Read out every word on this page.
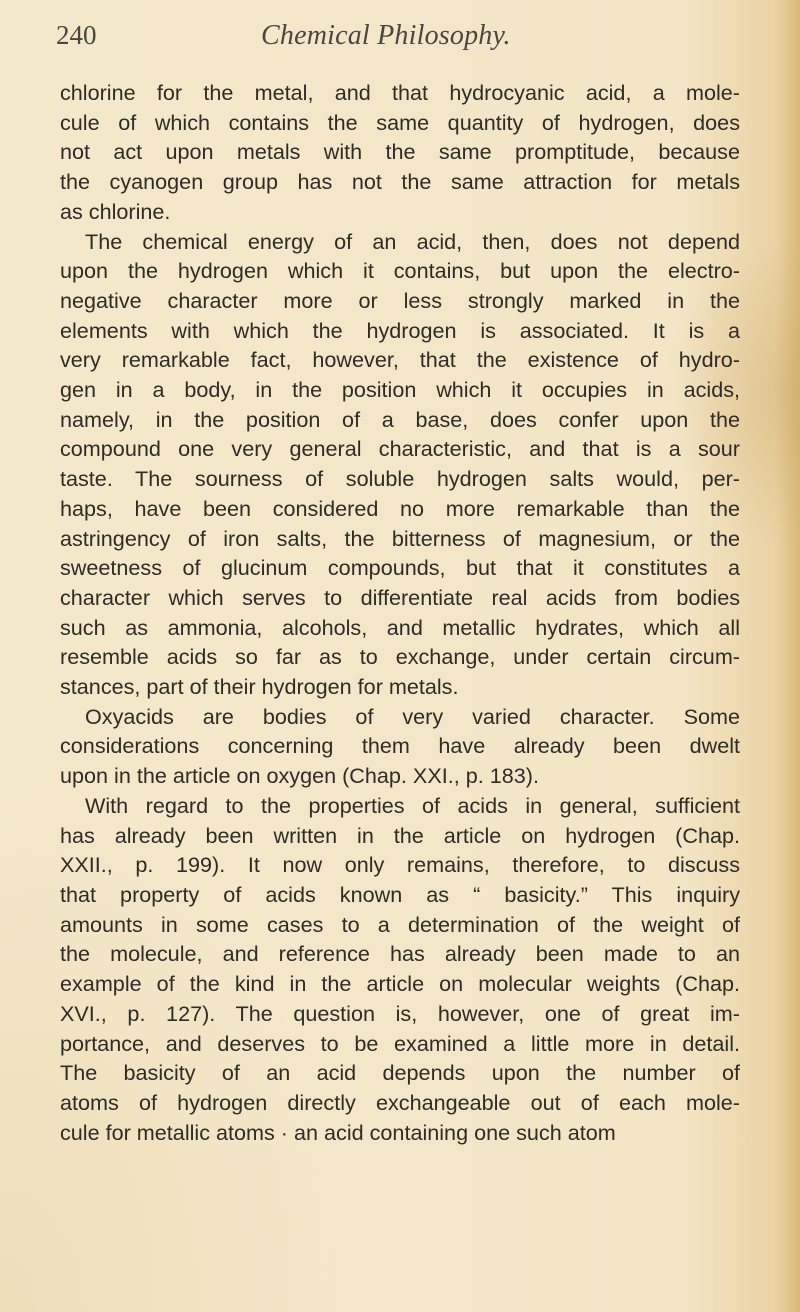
240	Chemical Philosophy.

chlorine for the metal, and that hydrocyanic acid, a mole-
cule of which contains the same quantity of hydrogen, does
not act upon metals with the same promptitude, because
the cyanogen group has not the same attraction for metals
as chlorine.

The chemical energy of an acid, then, does not depend
upon the hydrogen which it contains, but upon the electro-
negative character more or less strongly marked in the
elements with which the hydrogen is associated. It is a
very remarkable fact, however, that the existence of hydro-
gen in a body, in the position which it occupies in acids,
namely, in the position of a base, does confer upon the
compound one very general characteristic, and that is a sour
taste. The sourness of soluble hydrogen salts would, per-
haps, have been considered no more remarkable than the
astringency of iron salts, the bitterness of magnesium, or the
sweetness of glucinum compounds, but that it constitutes a
character which serves to differentiate real acids from bodies
such as ammonia, alcohols, and metallic hydrates, which all
resemble acids so far as to exchange, under certain circum-
stances, part of their hydrogen for metals.

Oxyacids are bodies of very varied character. Some
considerations concerning them have already been dwelt
upon in the article on oxygen (Chap. XXI., p. 183).

With regard to the properties of acids in general, sufficient
has already been written in the article on hydrogen (Chap.
XXII., p. 199). It now only remains, therefore, to discuss
that property of acids known as “ basicity.” This inquiry
amounts in some cases to a determination of the weight of
the molecule, and reference has already been made to an
example of the kind in the article on molecular weights (Chap.
XVI., p. 127). The question is, however, one of great im-
portance, and deserves to be examined a little more in detail.
The basicity of an acid depends upon the number of
atoms of hydrogen directly exchangeable out of each mole-
cule for metallic atoms · an acid containing one such atom
